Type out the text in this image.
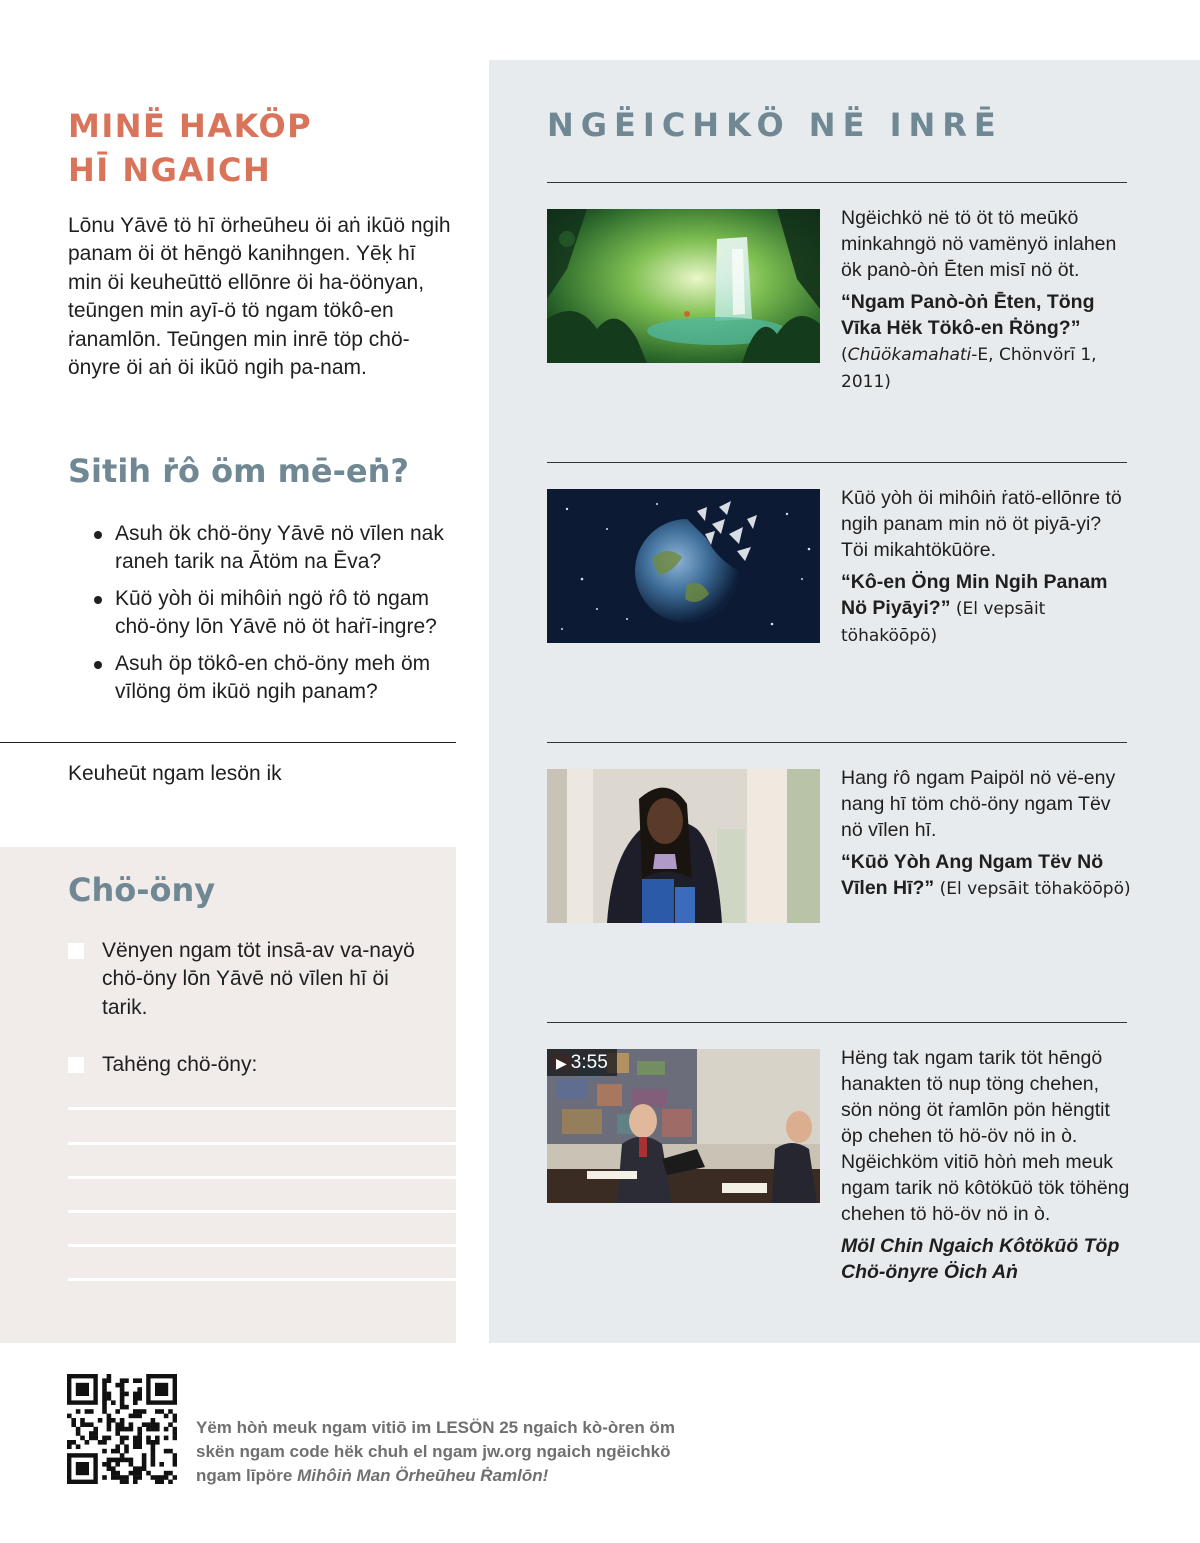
MINË HAKÖP
HĪ NGAICH

Lōnu Yāvē tö hī örheūheu öi aṅ ikūö ngih panam öi öt hēngö kanihngen. Yēḳ hī min öi keuheūttö ellōnre öi ha-öönyan, teūngen min ayī-ö tö ngam tökô-en ṙanamlōn. Teūngen min inrē töp chö-önyre öi aṅ öi ikūö ngih pa-nam.

Sitih ṙô öm mē-eṅ?
Asuh ök chö-öny Yāvē nö vīlen nak raneh tarik na Ātöm na Ēva?
Kūö yòh öi mihôiṅ ngö ṙô tö ngam chö-öny lōn Yāvē nö öt haṙī-ingre?
Asuh öp tökô-en chö-öny meh öm vīlöng öm ikūö ngih panam?
Keuheūt ngam lesön ik
Chö-öny
Vënyen ngam töt insā-av va-nayö chö-öny lōn Yāvē nö vīlen hī öi tarik.
Tahëng chö-öny:
NGËICHKÖ NË INRĒ

Ngëichkö në tö öt tö meūkö minkahngö nö vamënyö inlahen ök panò-òṅ Ēten misī nö öt.

“Ngam Panò-òṅ Ēten, Töng Vīka Hëk Tökô-en Ṙöng?” (Chūökamahati-E, Chönvörī 1, 2011)

Kūö yòh öi mihôiṅ ṙatö-ellōnre tö ngih panam min nö öt piyā-yi? Töi mikahtökūöre.

“Kô-en Öng Min Ngih Panam Nö Piyāyi?” (El vepsāit töhaköōpö)

Hang ṙô ngam Paipöl nö vë-eny nang hī töm chö-öny ngam Tëv nö vīlen hī.

“Kūö Yòh Ang Ngam Tëv Nö Vīlen Hī?” (El vepsāit töhaköōpö)

▶ 3:55	Hëng tak ngam tarik töt hēngö hanakten tö nup töng chehen, sön nöng öt ṙamlōn pön hëngtit öp chehen tö hö-öv nö in ò. Ngëichköm vitiō hòṅ meh meuk ngam tarik nö kôtökūö tök töhëng chehen tö hö-öv nö in ò.

Möl Chin Ngaich Kôtökūö Töp Chö-önyre Öich Aṅ

Yëm hòṅ meuk ngam vitiō im LESÖN 25 ngaich kò-òren öm skën ngam code hëk chuh el ngam jw.org ngaich ngëichkö ngam līpöre Mihôiṅ Man Örheūheu Ṙamlōn!
